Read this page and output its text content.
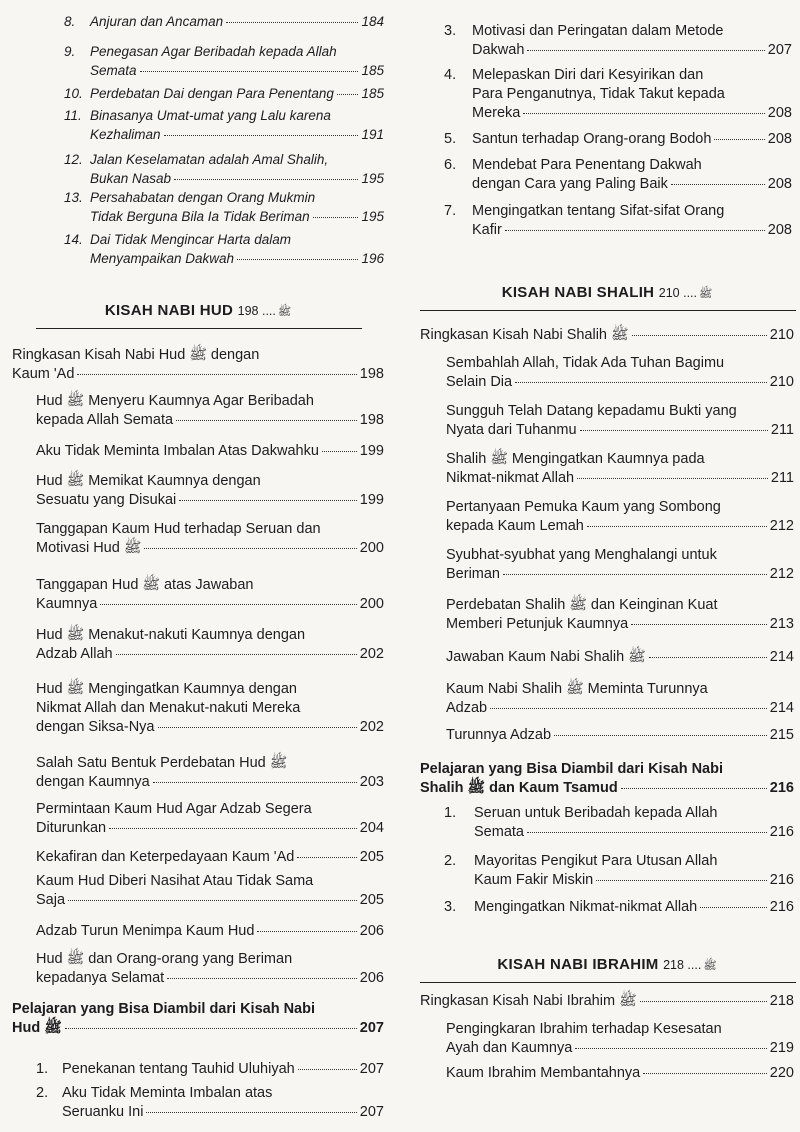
8.	Anjuran dan Ancaman	184
9.	Penegasan Agar Beribadah kepada Allah
Semata	185
10. Perdebatan Dai dengan Para Penentang 185
11. Binasanya Umat-umat yang Lalu karena
Kezhaliman	191
12. Jalan Keselamatan adalah Amal Shalih,
Bukan Nasab	195
13. Persahabatan dengan Orang Mukmin
Tidak Berguna Bila Ia Tidak Beriman	195
14. Dai Tidak Mengincar Harta dalam
Menyampaikan Dakwah	196
KISAH NABI HUD	ﷺ.... 198
Ringkasan Kisah Nabi Hud ﷺ dengan
Kaum 'Ad	198
Hud ﷺ Menyeru Kaumnya Agar Beribadah
kepada Allah Semata	198
Aku Tidak Meminta Imbalan Atas Dakwahku	199
Hud ﷺ Memikat Kaumnya dengan
Sesuatu yang Disukai	199
Tanggapan Kaum Hud terhadap Seruan dan
Motivasi Hud ﷺ	200
Tanggapan Hud ﷺ atas Jawaban
Kaumnya	200
Hud ﷺ Menakut-nakuti Kaumnya dengan
Adzab Allah	202
Hud ﷺ Mengingatkan Kaumnya dengan
Nikmat Allah dan Menakut-nakuti Mereka
dengan Siksa-Nya	202
Salah Satu Bentuk Perdebatan Hud ﷺ
dengan Kaumnya	203
Permintaan Kaum Hud Agar Adzab Segera
Diturunkan	204
Kekafiran dan Keterpedayaan Kaum 'Ad	205
Kaum Hud Diberi Nasihat Atau Tidak Sama
Saja	205
Adzab Turun Menimpa Kaum Hud	206
Hud ﷺ dan Orang-orang yang Beriman
kepadanya Selamat	206
Pelajaran yang Bisa Diambil dari Kisah Nabi
Hud ﷺ	207
1. Penekanan tentang Tauhid Uluhiyah	207
2. Aku Tidak Meminta Imbalan atas
Seruanku Ini	207
3.	Motivasi dan Peringatan dalam Metode
Dakwah	207
4.	Melepaskan Diri dari Kesyirikan dan
Para Penganutnya, Tidak Takut kepada
Mereka	208
5.	Santun terhadap Orang-orang Bodoh	208
6.	Mendebat Para Penentang Dakwah
dengan Cara yang Paling Baik	208
7.	Mengingatkan tentang Sifat-sifat Orang
Kafir	208
KISAH NABI SHALIH	ﷺ.... 210
Ringkasan Kisah Nabi Shalih ﷺ	210
Sembahlah Allah, Tidak Ada Tuhan Bagimu
Selain Dia	210
Sungguh Telah Datang kepadamu Bukti yang
Nyata dari Tuhanmu	211
Shalih ﷺ Mengingatkan Kaumnya pada
Nikmat-nikmat Allah	211
Pertanyaan Pemuka Kaum yang Sombong
kepada Kaum Lemah	212
Syubhat-syubhat yang Menghalangi untuk
Beriman	212
Perdebatan Shalih ﷺ dan Keinginan Kuat
Memberi Petunjuk Kaumnya	213
Jawaban Kaum Nabi Shalih ﷺ	214
Kaum Nabi Shalih ﷺ Meminta Turunnya
Adzab	214
Turunnya Adzab	215
Pelajaran yang Bisa Diambil dari Kisah Nabi
Shalih ﷺ dan Kaum Tsamud	216
1.	Seruan untuk Beribadah kepada Allah
Semata	216
2.	Mayoritas Pengikut Para Utusan Allah
Kaum Fakir Miskin	216
3.	Mengingatkan Nikmat-nikmat Allah	216
KISAH NABI IBRAHIM	ﷺ.... 218
Ringkasan Kisah Nabi Ibrahim ﷺ	218
Pengingkaran Ibrahim terhadap Kesesatan
Ayah dan Kaumnya	219
Kaum Ibrahim Membantahnya	220
